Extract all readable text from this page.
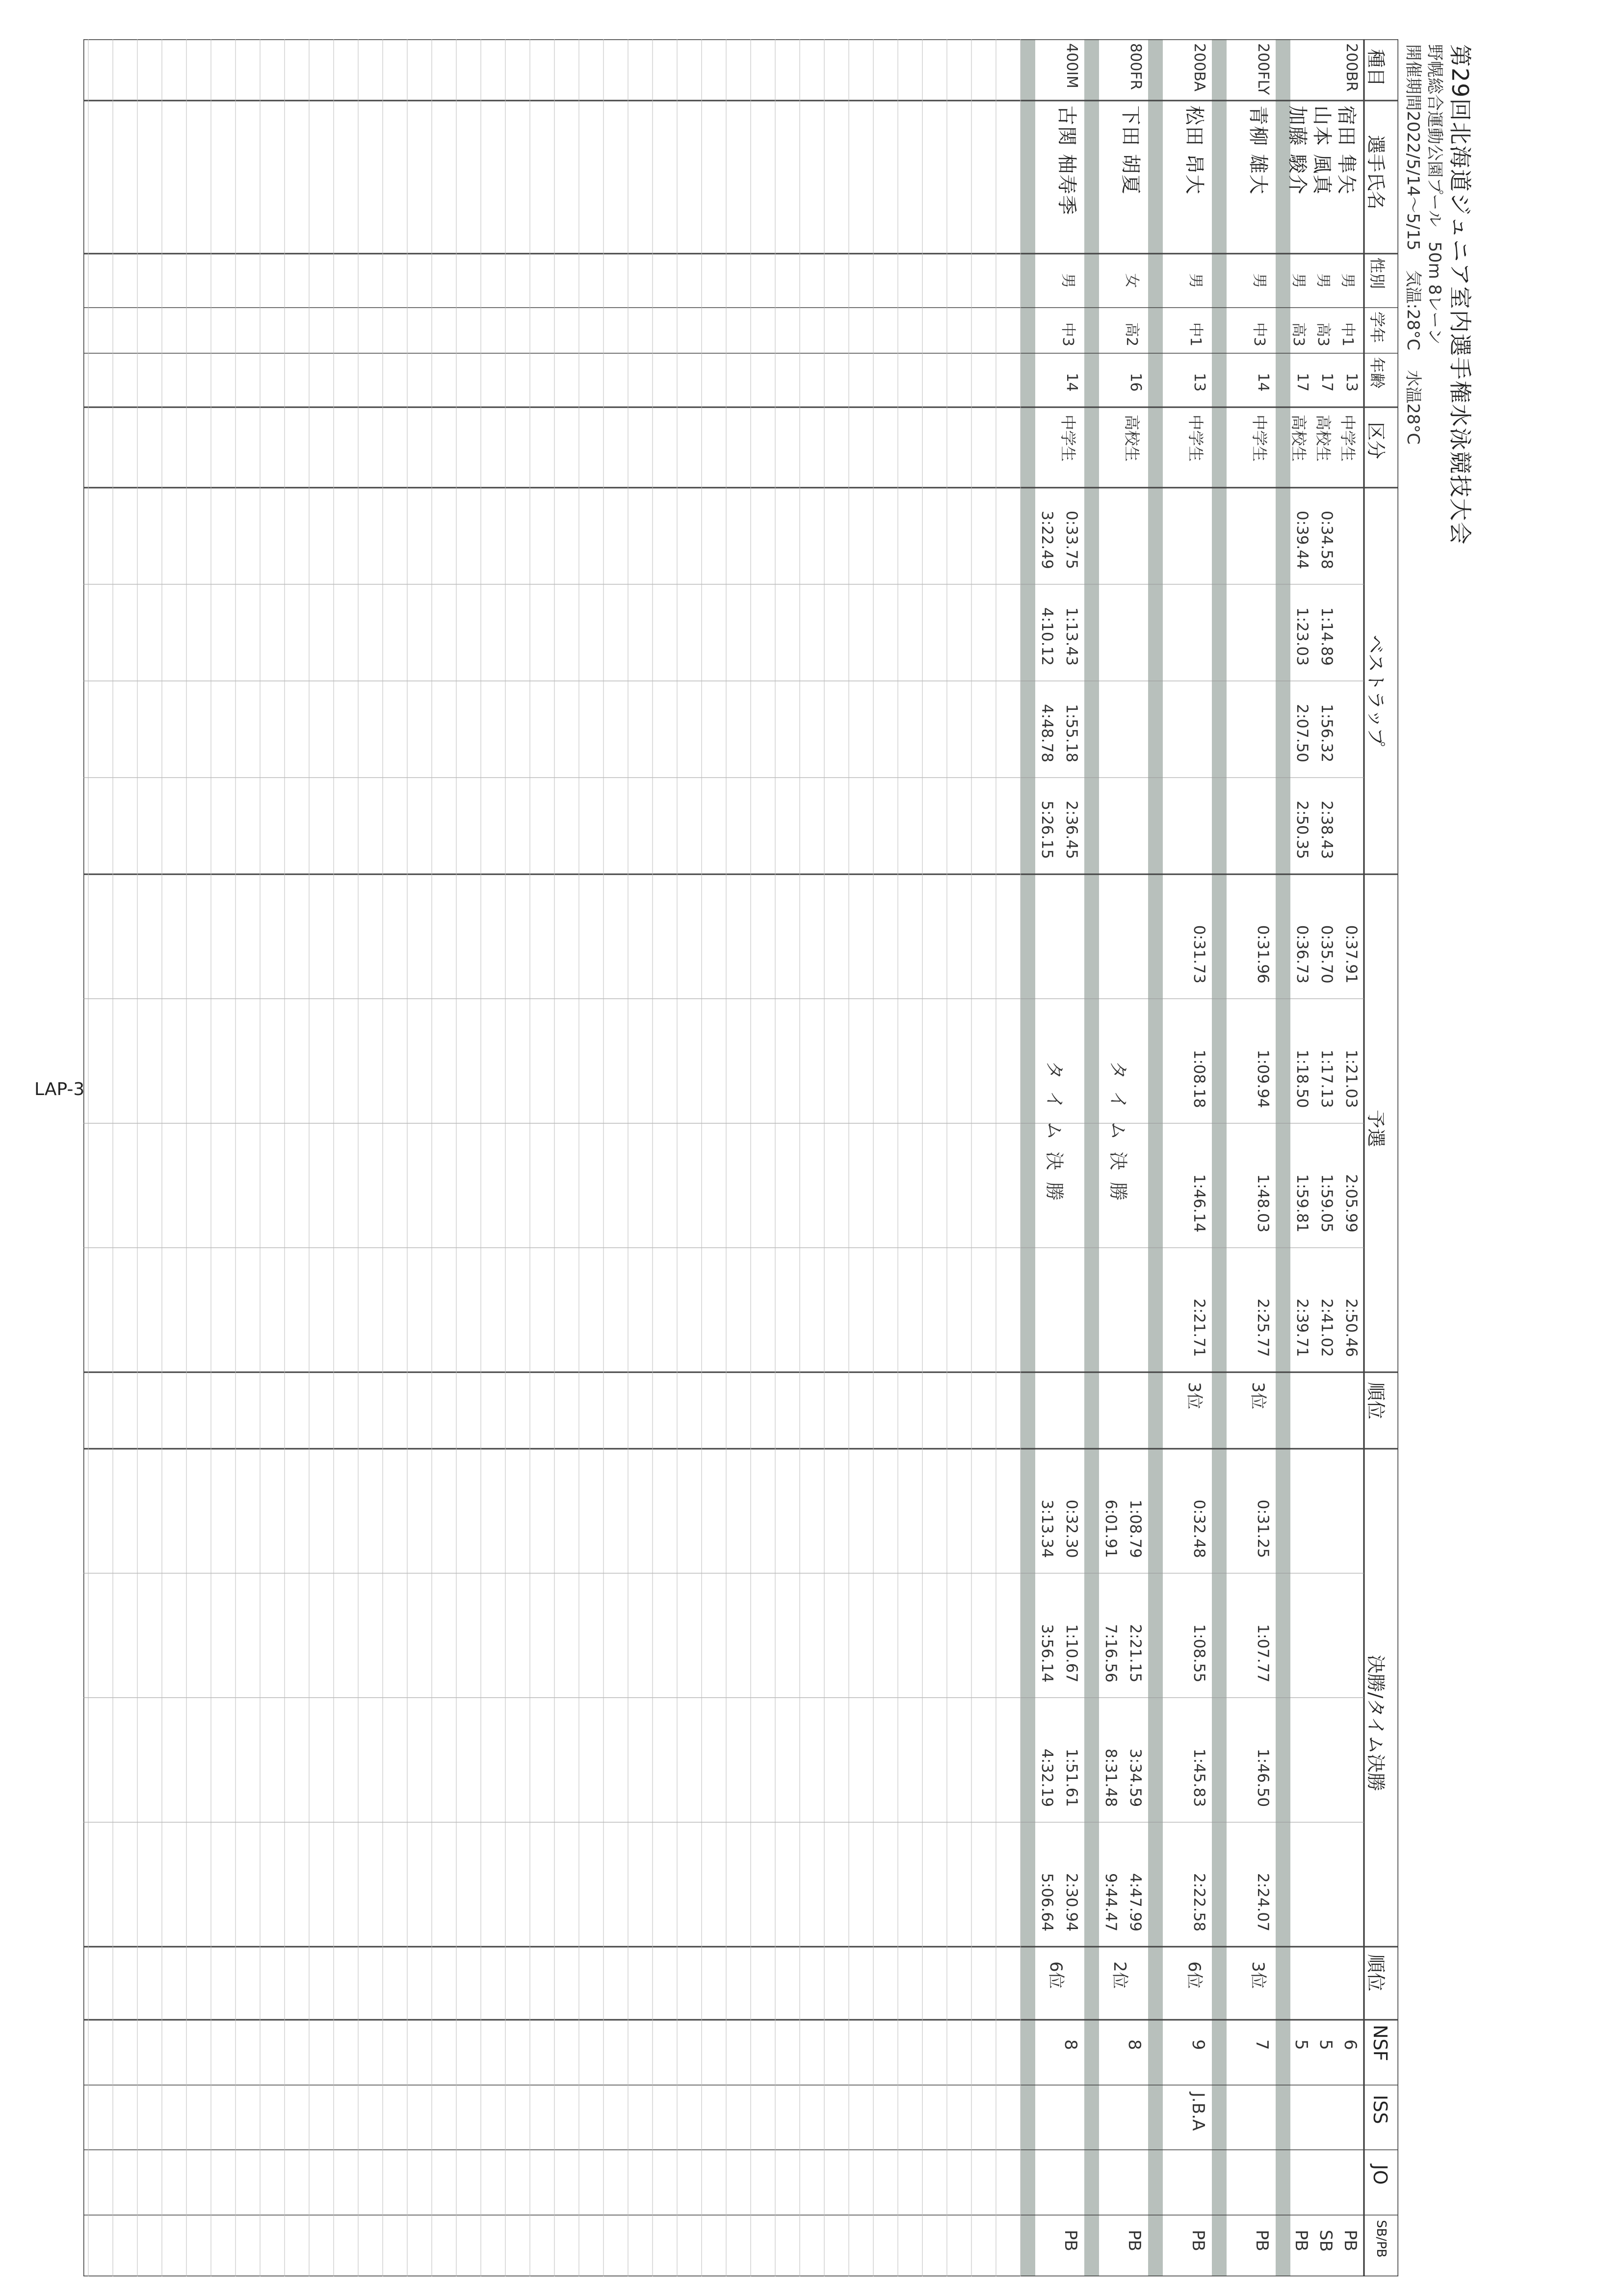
第29回北海道ジュニア室内選手権水泳競技大会
野幌総合運動公園プール50m 8レーン
開催期間2022/5/14～5/15気温:28°C水温28°C
種目
選手氏名
性別
学年
年齢
区分
ベストラップ
予選
順位
決勝/タイム決勝
順位
NSF
ISS
JO
SB/PB
200BR
宿田 隼矢
男
中1
13
中学生
0:37.91
1:21.03
2:05.99
2:50.46
6
PB
山本 風真
男
高3
17
高校生
0:34.58
1:14.89
1:56.32
2:38.43
0:35.70
1:17.13
1:59.05
2:41.02
5
SB
加藤 駿介
男
高3
17
高校生
0:39.44
1:23.03
2:07.50
2:50.35
0:36.73
1:18.50
1:59.81
2:39.71
5
PB
200FLY
青柳 雄大
男
中3
14
中学生
0:31.96
1:09.94
1:48.03
2:25.77
3位
0:31.25
1:07.77
1:46.50
2:24.07
3位
7
PB
200BA
松田 昂大
男
中1
13
中学生
0:31.73
1:08.18
1:46.14
2:21.71
3位
0:32.48
1:08.55
1:45.83
2:22.58
6位
9
J.B.A
PB
800FR
下田 胡夏
女
高2
16
高校生
タイム決勝
1:08.79
2:21.15
3:34.59
4:47.99
6:01.91
7:16.56
8:31.48
9:44.47
2位
8
PB
400IM
古関 柚寿季
男
中3
14
中学生
0:33.75
1:13.43
1:55.18
2:36.45
3:22.49
4:10.12
4:48.78
5:26.15
タイム決勝
0:32.30
1:10.67
1:51.61
2:30.94
3:13.34
3:56.14
4:32.19
5:06.64
6位
8
PB
LAP-3
